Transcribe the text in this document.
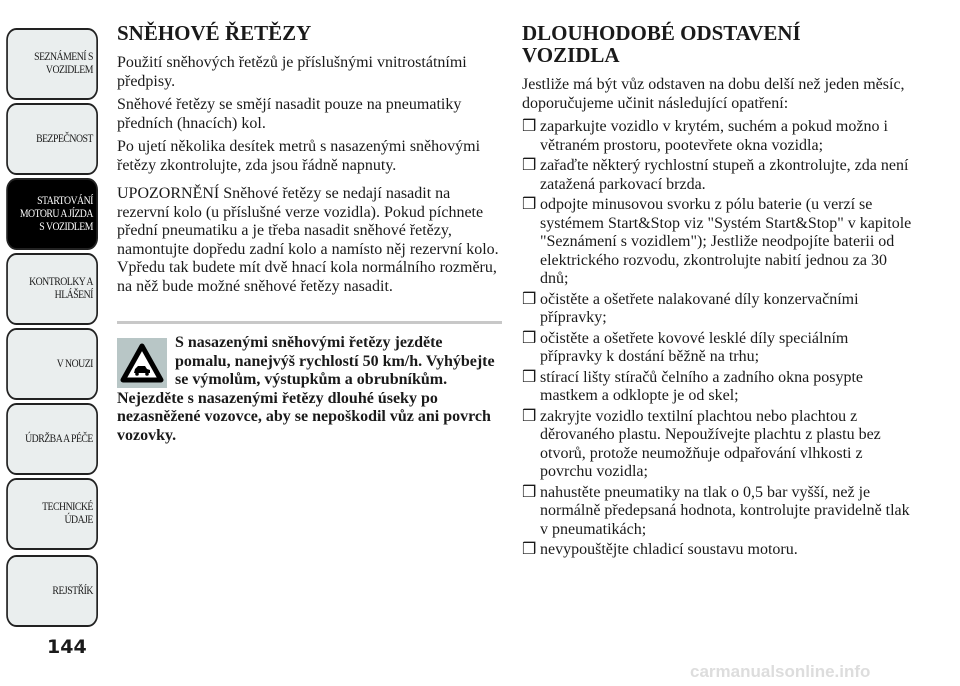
SEZNÁMENÍ S VOZIDLEM
BEZPEČNOST
STARTOVÁNÍ MOTORU A JÍZDA S VOZIDLEM
KONTROLKY A HLÁŠENÍ
V NOUZI
ÚDRŽBA A PÉČE
TECHNICKÉ ÚDAJE
REJSTŘÍK
144
SNĚHOVÉ ŘETĚZY

Použití sněhových řetězů je příslušnými vnitrostátními předpisy.

Sněhové řetězy se smějí nasadit pouze na pneumatiky předních (hnacích) kol.

Po ujetí několika desítek metrů s nasazenými sněhovými řetězy zkontrolujte, zda jsou řádně napnuty.

UPOZORNĚNÍ Sněhové řetězy se nedají nasadit na rezervní kolo (u příslušné verze vozidla). Pokud píchnete přední pneumatiku a je třeba nasadit sněhové řetězy, namontujte dopředu zadní kolo a namísto něj rezervní kolo. Vpředu tak budete mít dvě hnací kola normálního rozměru, na něž bude možné sněhové řetězy nasadit.

S nasazenými sněhovými řetězy jezděte pomalu, nanejvýš rychlostí 50 km/h. Vyhýbejte se výmolům, výstupkům a obrubníkům. Nejezděte s nasazenými řetězy dlouhé úseky po nezasněžené vozovce, aby se nepoškodil vůz ani povrch vozovky.
DLOUHODOBÉ ODSTAVENÍ VOZIDLA

Jestliže má být vůz odstaven na dobu delší než jeden měsíc, doporučujeme učinit následující opatření:

❒ zaparkujte vozidlo v krytém, suchém a pokud možno i větraném prostoru, pootevřete okna vozidla;
❒ zařaďte některý rychlostní stupeň a zkontrolujte, zda není zatažená parkovací brzda.
❒ odpojte minusovou svorku z pólu baterie (u verzí se systémem Start&Stop viz "Systém Start&Stop" v kapitole "Seznámení s vozidlem"); Jestliže neodpojíte baterii od elektrického rozvodu, zkontrolujte nabití jednou za 30 dnů;
❒ očistěte a ošetřete nalakované díly konzervačními přípravky;
❒ očistěte a ošetřete kovové lesklé díly speciálním přípravky k dostání běžně na trhu;
❒ stírací lišty stíračů čelního a zadního okna posypte mastkem a odklopte je od skel;
❒ zakryjte vozidlo textilní plachtou nebo plachtou z děrovaného plastu. Nepoužívejte plachtu z plastu bez otvorů, protože neumožňuje odpařování vlhkosti z povrchu vozidla;
❒ nahustěte pneumatiky na tlak o 0,5 bar vyšší, než je normálně předepsaná hodnota, kontrolujte pravidelně tlak v pneumatikách;
❒ nevypouštějte chladicí soustavu motoru.
carmanualsonline.info
